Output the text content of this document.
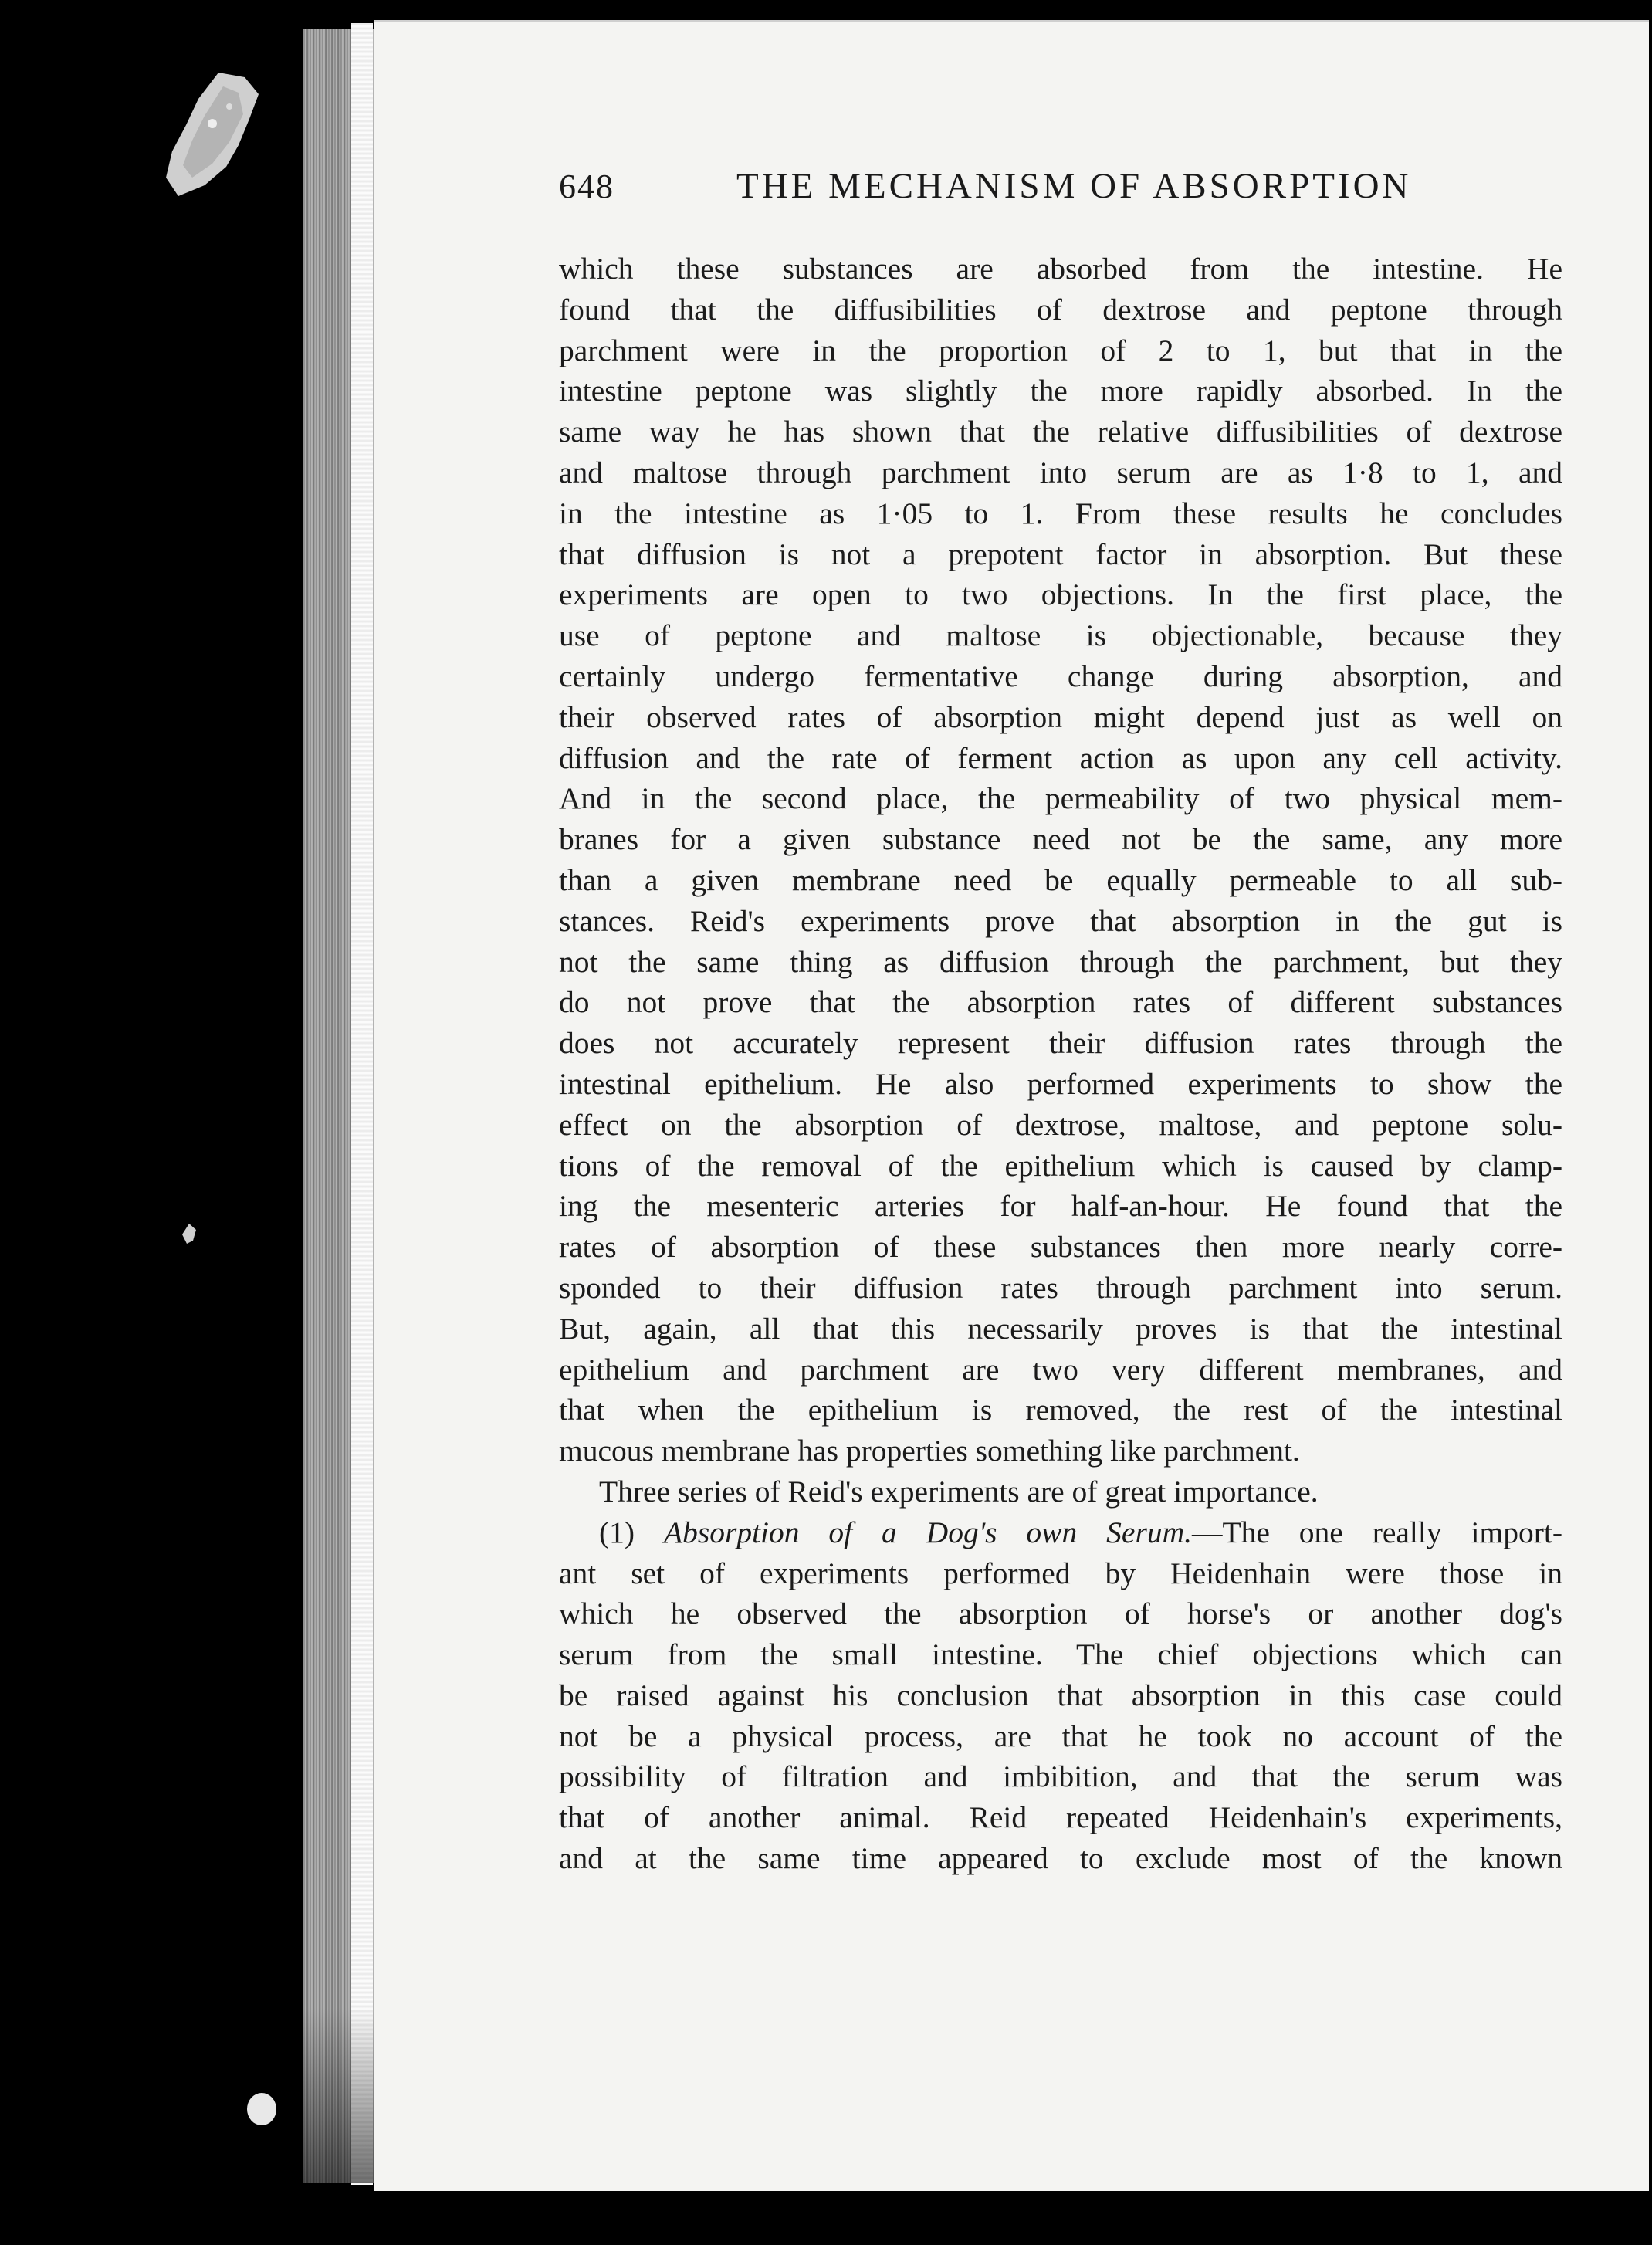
648	THE MECHANISM OF ABSORPTION
which these substances are absorbed from the intestine. He
found that the diffusibilities of dextrose and peptone through
parchment were in the proportion of 2 to 1, but that in the
intestine peptone was slightly the more rapidly absorbed. In the
same way he has shown that the relative diffusibilities of dextrose
and maltose through parchment into serum are as 1·8 to 1, and
in the intestine as 1·05 to 1. From these results he concludes
that diffusion is not a prepotent factor in absorption. But these
experiments are open to two objections. In the first place, the
use of peptone and maltose is objectionable, because they
certainly undergo fermentative change during absorption, and
their observed rates of absorption might depend just as well on
diffusion and the rate of ferment action as upon any cell activity.
And in the second place, the permeability of two physical mem-
branes for a given substance need not be the same, any more
than a given membrane need be equally permeable to all sub-
stances. Reid's experiments prove that absorption in the gut is
not the same thing as diffusion through the parchment, but they
do not prove that the absorption rates of different substances
does not accurately represent their diffusion rates through the
intestinal epithelium. He also performed experiments to show the
effect on the absorption of dextrose, maltose, and peptone solu-
tions of the removal of the epithelium which is caused by clamp-
ing the mesenteric arteries for half-an-hour. He found that the
rates of absorption of these substances then more nearly corre-
sponded to their diffusion rates through parchment into serum.
But, again, all that this necessarily proves is that the intestinal
epithelium and parchment are two very different membranes, and
that when the epithelium is removed, the rest of the intestinal
mucous membrane has properties something like parchment.
Three series of Reid's experiments are of great importance.
(1) Absorption of a Dog's own Serum.—The one really import-
ant set of experiments performed by Heidenhain were those in
which he observed the absorption of horse's or another dog's
serum from the small intestine. The chief objections which can
be raised against his conclusion that absorption in this case could
not be a physical process, are that he took no account of the
possibility of filtration and imbibition, and that the serum was
that of another animal. Reid repeated Heidenhain's experiments,
and at the same time appeared to exclude most of the known
